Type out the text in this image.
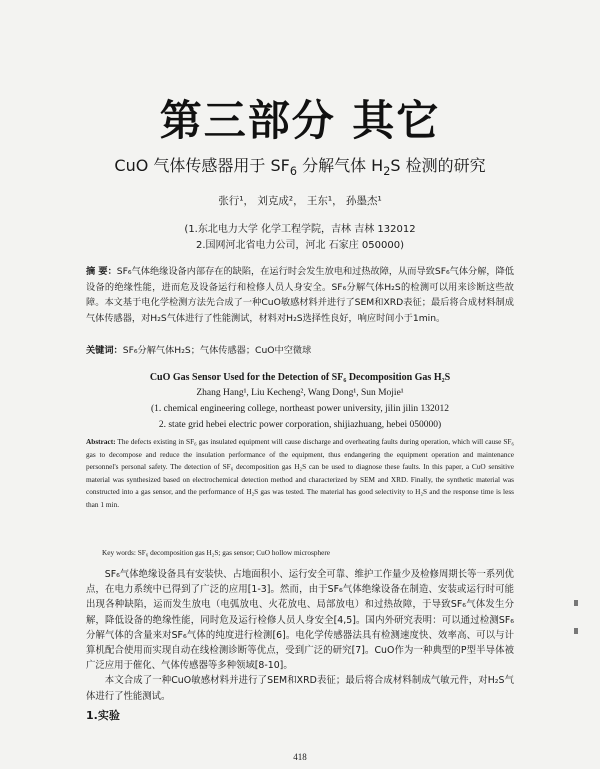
第三部分 其它
CuO 气体传感器用于 $SF_6$ 分解气体 $H_2S$ 检测的研究
张行¹， 刘克成²， 王东¹， 孙墨杰¹
(1.东北电力大学 化学工程学院，吉林 吉林 132012
2.国网河北省电力公司，河北 石家庄 050000)
摘 要：SF₆气体绝缘设备内部存在的缺陷，在运行时会发生放电和过热故障，从而导致SF₆气体分解，降低设备的绝缘性能，进而危及设备运行和检修人员人身安全。SF₆分解气体H₂S的检测可以用来诊断这些故障。本文基于电化学检测方法先合成了一种CuO敏感材料并进行了SEM和XRD表征；最后将合成材料制成气体传感器，对H₂S气体进行了性能测试，材料对H₂S选择性良好，响应时间小于1min。
关键词：SF₆分解气体H₂S；气体传感器；CuO中空微球
CuO Gas Sensor Used for the Detection of SF₆ Decomposition Gas H₂S
Zhang Hang¹, Liu Kecheng², Wang Dong¹, Sun Mojie¹
(1. chemical engineering college, northeast power university, jilin jilin 132012
2. state grid hebei electric power corporation, shijiazhuang, hebei 050000)
Abstract: The defects existing in SF₆ gas insulated equipment will cause discharge and overheating faults during operation, which will cause SF₆ gas to decompose and reduce the insulation performance of the equipment, thus endangering the equipment operation and maintenance personnel's personal safety. The detection of SF₆ decomposition gas H₂S can be used to diagnose these faults. In this paper, a CuO sensitive material was synthesized based on electrochemical detection method and characterized by SEM and XRD. Finally, the synthetic material was constructed into a gas sensor, and the performance of H₂S gas was tested. The material has good selectivity to H₂S and the response time is less than 1 min.
Key words: SF₆ decomposition gas H₂S; gas sensor; CuO hollow microsphere

SF₆气体绝缘设备具有安装快、占地面积小、运行安全可靠、维护工作量少及检修周期长等一系列优点，在电力系统中已得到了广泛的应用[1-3]。然而，由于SF₆气体绝缘设备在制造、安装或运行时可能出现各种缺陷，运而发生放电（电弧放电、火花放电、局部放电）和过热故障，于导致SF₆气体发生分解，降低设备的绝缘性能，同时危及运行检修人员人身安全[4,5]。国内外研究表明：可以通过检测SF₆分解气体的含量来对SF₆气体的纯度进行检测[6]。电化学传感器法具有检测速度快、效率高、可以与计算机配合使用而实现自动在线检测诊断等优点，受到广泛的研究[7]。CuO作为一种典型的P型半导体被广泛应用于催化、气体传感器等多种领域[8-10]。

本文合成了一种CuO敏感材料并进行了SEM和XRD表征；最后将合成材料制成气敏元件，对H₂S气体进行了性能测试。

1.实验
418
